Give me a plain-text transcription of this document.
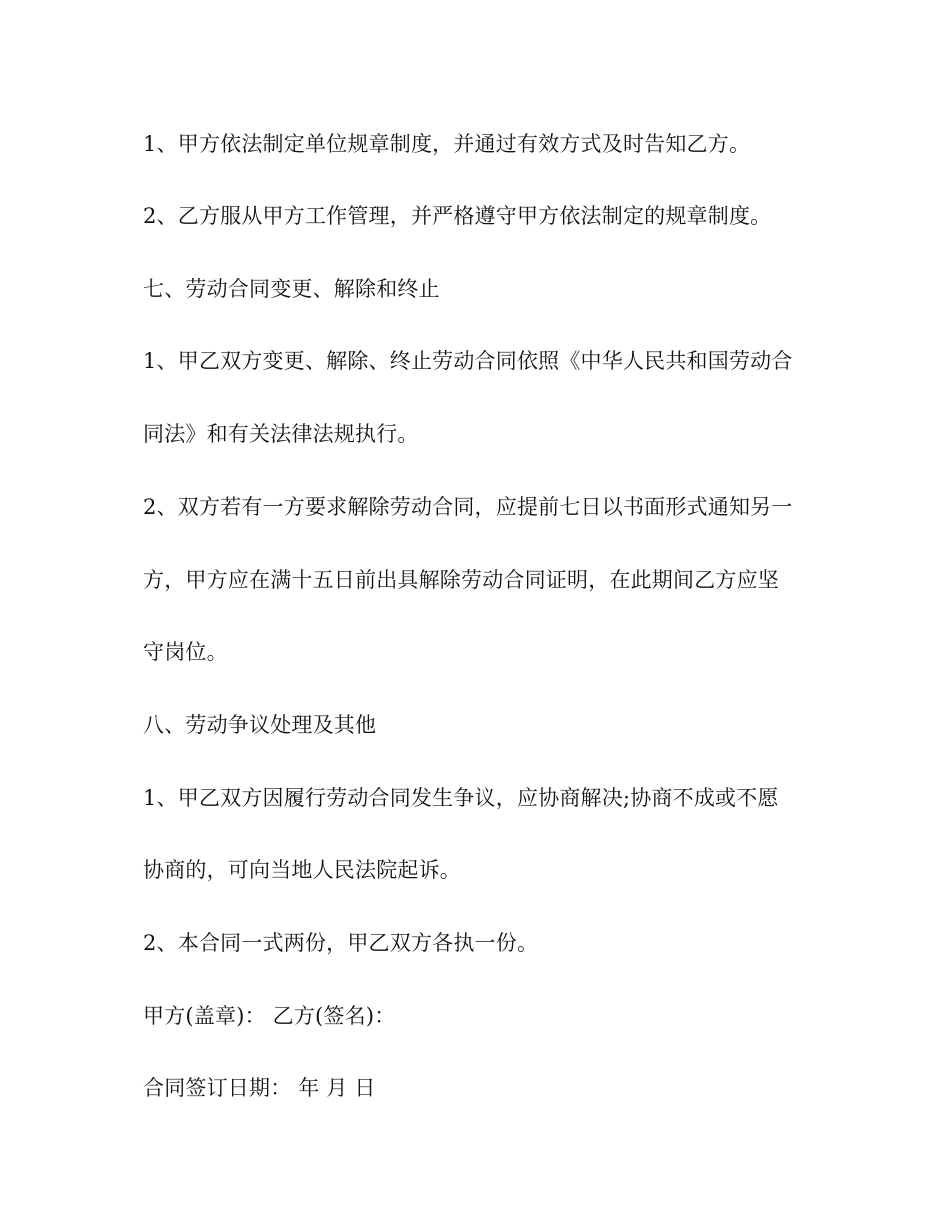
1、甲方依法制定单位规章制度，并通过有效方式及时告知乙方。
2、乙方服从甲方工作管理，并严格遵守甲方依法制定的规章制度。
七、劳动合同变更、解除和终止
1、甲乙双方变更、解除、终止劳动合同依照《中华人民共和国劳动合
同法》和有关法律法规执行。
2、双方若有一方要求解除劳动合同，应提前七日以书面形式通知另一
方，甲方应在满十五日前出具解除劳动合同证明，在此期间乙方应坚
守岗位。
八、劳动争议处理及其他
1、甲乙双方因履行劳动合同发生争议，应协商解决;协商不成或不愿
协商的，可向当地人民法院起诉。
2、本合同一式两份，甲乙双方各执一份。
甲方(盖章)： 乙方(签名)：
合同签订日期： 年 月 日
